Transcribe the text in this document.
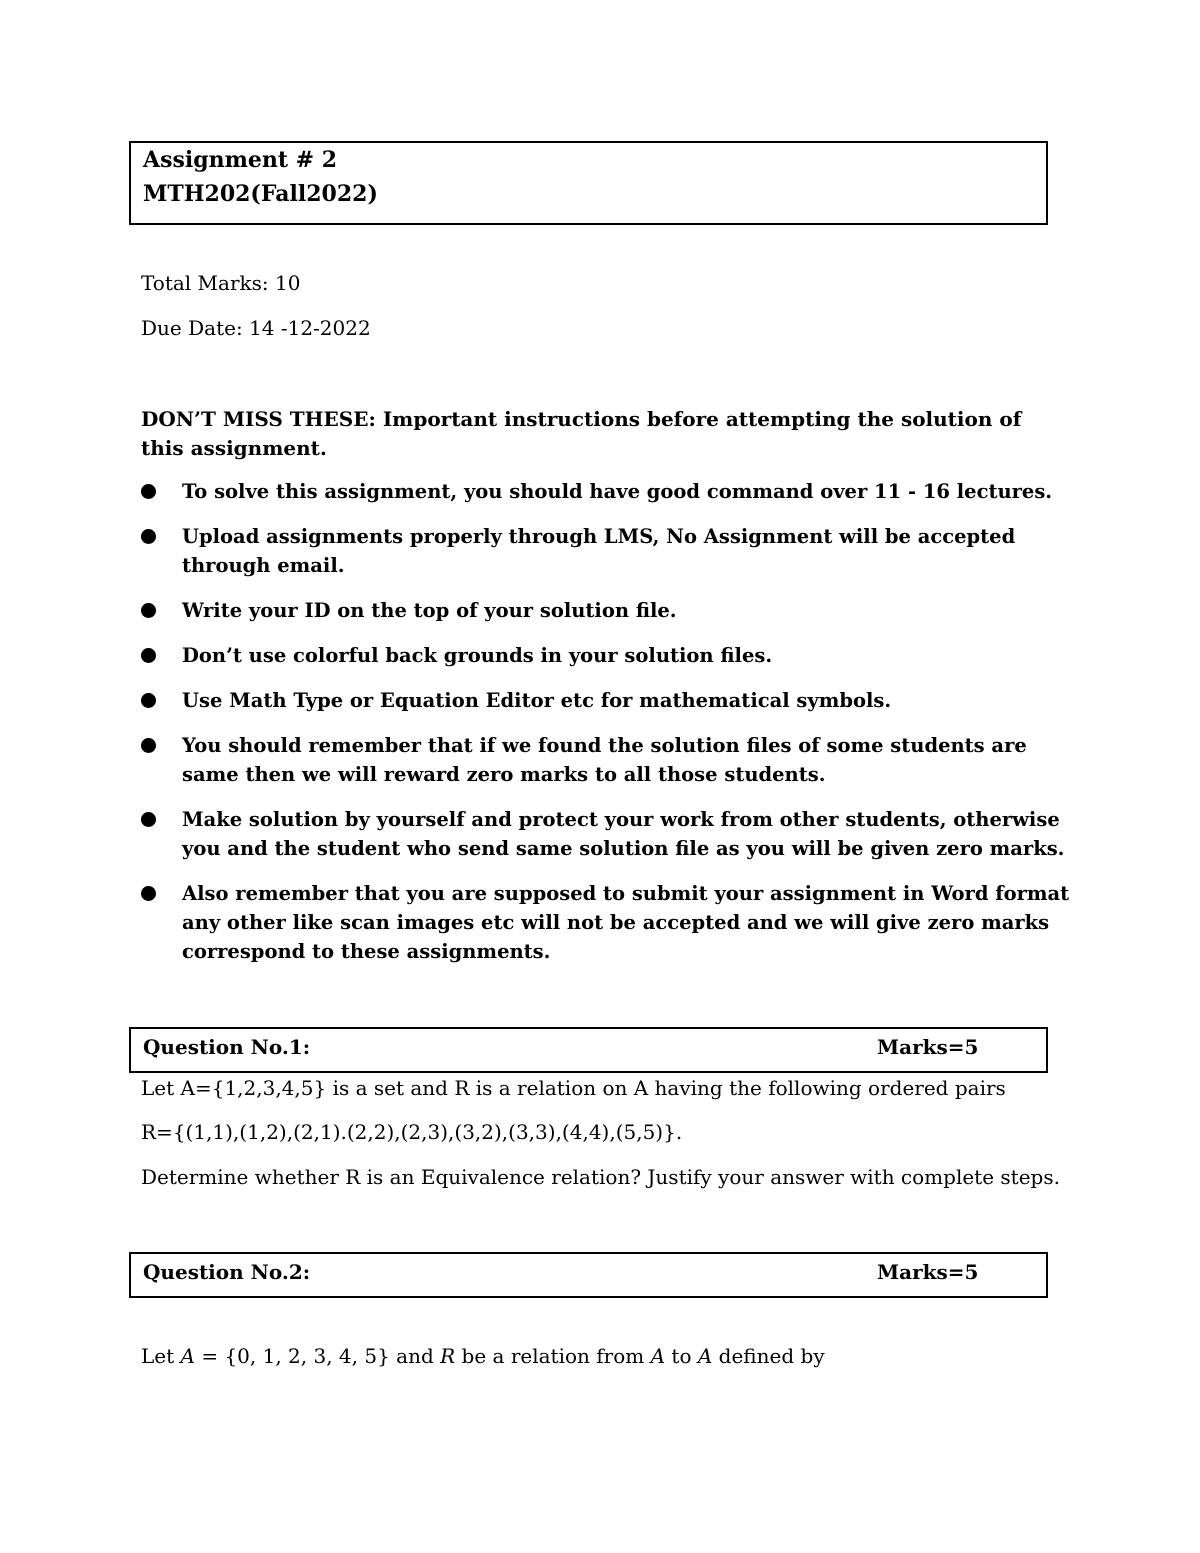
Assignment # 2
MTH202(Fall2022)
Total Marks: 10
Due Date: 14 -12-2022
DON’T MISS THESE: Important instructions before attempting the solution of this assignment.
To solve this assignment, you should have good command over 11 - 16 lectures.
Upload assignments properly through LMS, No Assignment will be accepted through email.
Write your ID on the top of your solution file.
Don’t use colorful back grounds in your solution files.
Use Math Type or Equation Editor etc for mathematical symbols.
You should remember that if we found the solution files of some students are same then we will reward zero marks to all those students.
Make solution by yourself and protect your work from other students, otherwise you and the student who send same solution file as you will be given zero marks.
Also remember that you are supposed to submit your assignment in Word format any other like scan images etc will not be accepted and we will give zero marks correspond to these assignments.
Question No.1:	Marks=5
Let A={1,2,3,4,5} is a set and R is a relation on A having the following ordered pairs
R={(1,1),(1,2),(2,1).(2,2),(2,3),(3,2),(3,3),(4,4),(5,5)}.
Determine whether R is an Equivalence relation? Justify your answer with complete steps.
Question No.2:	Marks=5
Let A = {0, 1, 2, 3, 4, 5} and R be a relation from A to A defined by
